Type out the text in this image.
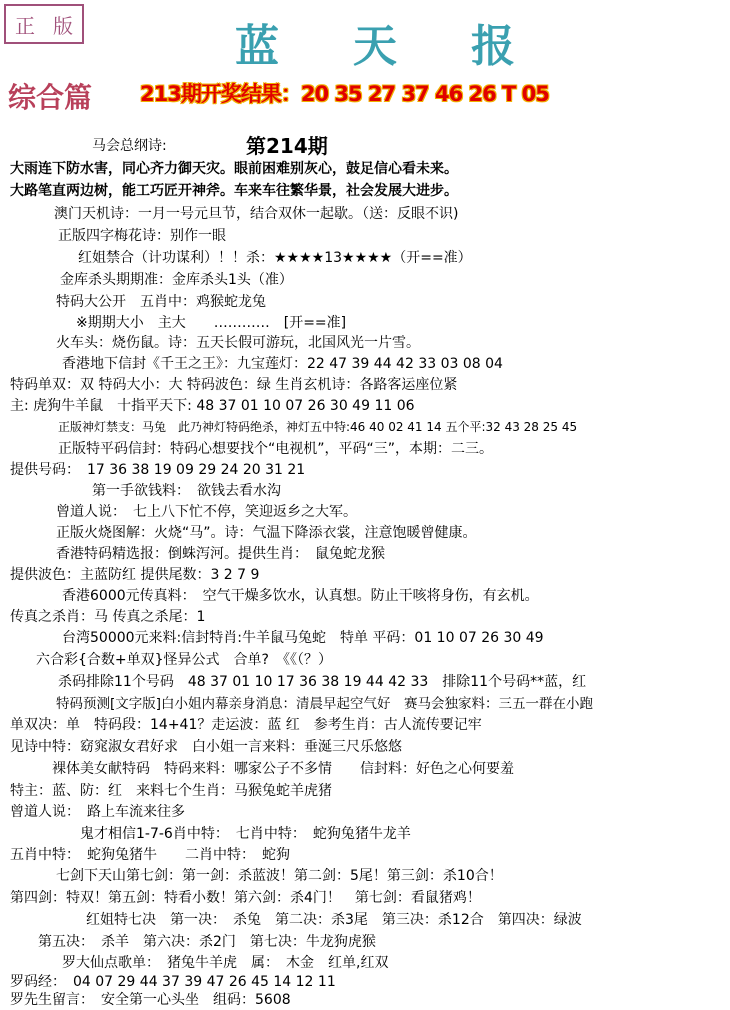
正 版	蓝 天 报
综合篇 213期开奖结果：20 35 27 37 46 26 T 05
第214期
马会总纲诗:
大雨连下防水害，同心齐力御天灾。眼前困难别灰心，鼓足信心看未来。
大路笔直两边树，能工巧匠开神斧。车来车往繁华景，社会发展大进步。
澳门天机诗：一月一号元旦节，结合双休一起歇。（送：反眼不识)
正版四字梅花诗：别作一眼
红姐禁合（计功谋利）！！杀：★★★★13★★★★（开==准）
金库杀头期期准：金库杀头1头（准）
特码大公开　五肖中：鸡猴蛇龙兔
※期期大小　主大　　…………　[开==准]
火车头：烧伤鼠。诗：五天长假可游玩，北国风光一片雪。
香港地下信封《千王之王》：九宝莲灯：22 47 39 44 42 33 03 08 04
特码单双：双 特码大小：大 特码波色：绿 生肖玄机诗：各路客运座位紧
主: 虎狗牛羊鼠　十指平天下: 48 37 01 10 07 26 30 49 11 06
正版神灯禁支：马兔　此乃神灯特码绝杀，神灯五中特:46 40 02 41 14 五个平:32 43 28 25 45
正版特平码信封：特码心想要找个“电视机”，平码“三”，本期：二三。
提供号码：　17 36 38 19 09 29 24 20 31 21
第一手欲钱料：　欲钱去看水沟
曾道人说：　七上八下忙不停，笑迎返乡之大军。
正版火烧图解：火烧“马”。诗：气温下降添衣裳，注意饱暖曾健康。
香港特码精选报：倒蛛泻河。提供生肖：　鼠兔蛇龙猴
提供波色：主蓝防红 提供尾数：3 2 7 9
香港6000元传真料：　空气干燥多饮水，认真想。防止干咳将身伤，有玄机。
传真之杀肖：马 传真之杀尾：1
台湾50000元来料:信封特肖:牛羊鼠马兔蛇　特单 平码：01 10 07 26 30 49
六合彩{合数+单双}怪异公式　合单?　《《（？）
杀码排除11个号码　48 37 01 10 17 36 38 19 44 42 33　排除11个号码**蓝，红
特码预测[文字版]白小姐内幕亲身消息：清晨早起空气好　赛马会独家料：三五一群在小跑
单双决：单　特码段：14+41？走运波：蓝 红　参考生肖：古人流传要记牢
见诗中特：窈窕淑女君好求　白小姐一言来料：垂涎三尺乐悠悠
裸体美女献特码　特码来料：哪家公子不多情　　信封料：好色之心何要羞
特主：蓝、防：红　来料七个生肖：马猴兔蛇羊虎猪
曾道人说：　路上车流来往多
鬼才相信1-7-6肖中特：　七肖中特：　蛇狗兔猪牛龙羊
五肖中特：　蛇狗兔猪牛　　二肖中特：　蛇狗
七剑下天山第七剑：第一剑：杀蓝波！第二剑：5尾！第三剑：杀10合！
第四剑：特双！第五剑：特看小数！第六剑：杀4门！　第七剑：看鼠猪鸡！
红姐特七决　第一决：　杀兔　第二决：杀3尾　第三决：杀12合　第四决：绿波
第五决：　杀羊　第六决：杀2门　第七决：牛龙狗虎猴
罗大仙点歌单：　猪兔牛羊虎　属：　木金　红单,红双
罗码经：　04 07 29 44 37 39 47 26 45 14 12 11
罗先生留言：　安全第一心头坐　组码：5608
